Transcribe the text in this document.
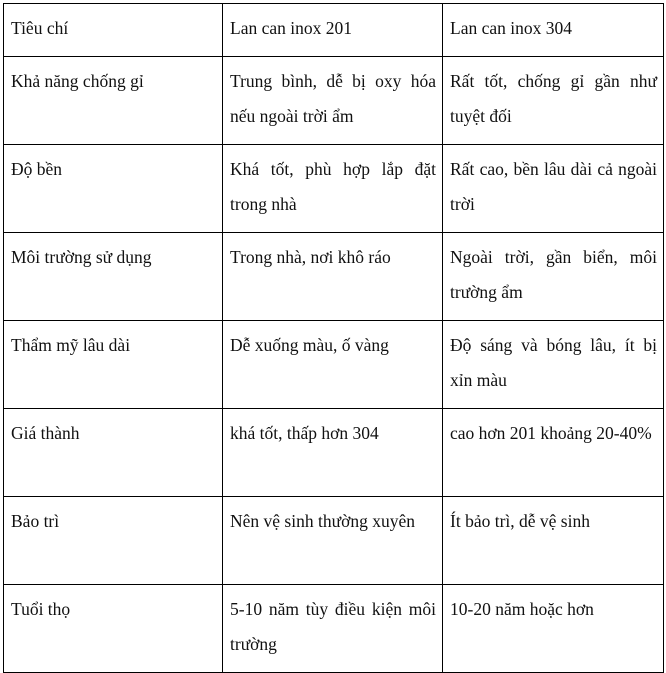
Tiêu chí	Lan can inox 201	Lan can inox 304
Khả năng chống gỉ	Trung bình, dễ bị oxy hóa nếu ngoài trời ẩm	Rất tốt, chống gỉ gần như tuyệt đối
Độ bền	Khá tốt, phù hợp lắp đặt trong nhà	Rất cao, bền lâu dài cả ngoài trời
Môi trường sử dụng	Trong nhà, nơi khô ráo	Ngoài trời, gần biển, môi trường ẩm
Thẩm mỹ lâu dài	Dễ xuống màu, ố vàng	Độ sáng và bóng lâu, ít bị xỉn màu
Giá thành	khá tốt, thấp hơn 304	cao hơn 201 khoảng 20-40%
Bảo trì	Nên vệ sinh thường xuyên	Ít bảo trì, dễ vệ sinh
Tuổi thọ	5-10 năm tùy điều kiện môi trường	10-20 năm hoặc hơn
